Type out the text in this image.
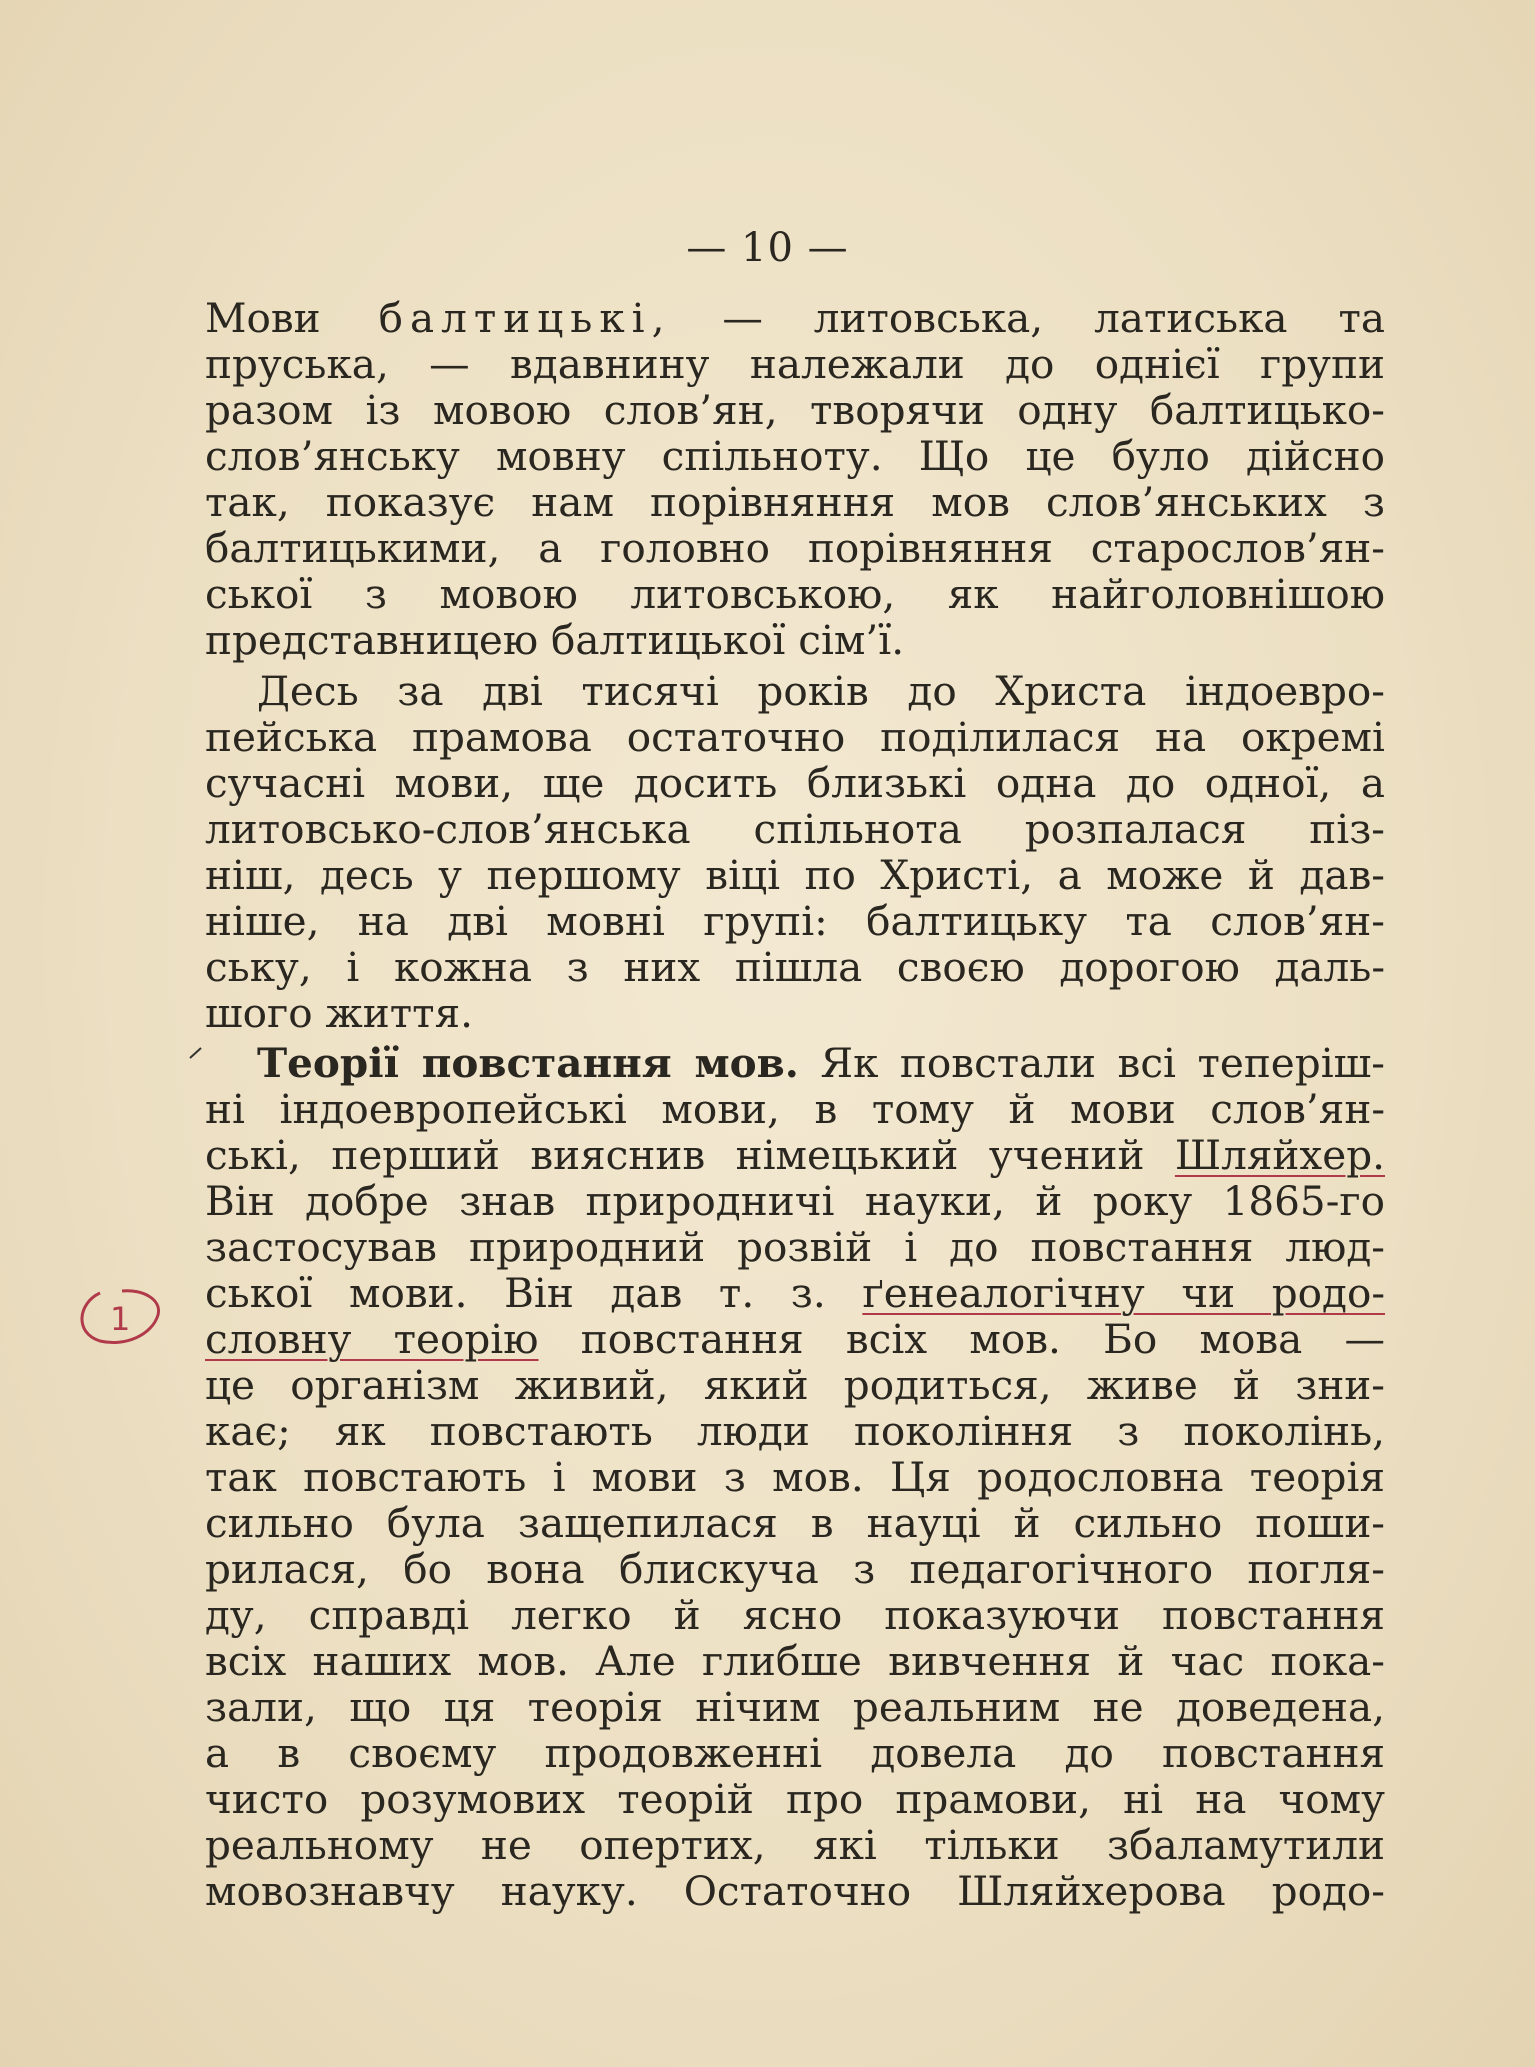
— 10 —
Мови балтицькі, — литовська, латиська та
пруська, — вдавнину належали до однієї групи
разом із мовою слов’ян, творячи одну балтицько-
слов’янську мовну спільноту. Що це було дійсно
так, показує нам порівняння мов слов’янських з
балтицькими, а головно порівняння старослов’ян-
ської з мовою литовською, як найголовнішою
представницею балтицької сім’ї.
Десь за дві тисячі років до Христа індоевро-
пейська прамова остаточно поділилася на окремі
сучасні мови, ще досить близькі одна до одної, а
литовсько-слов’янська спільнота розпалася піз-
ніш, десь у першому віці по Христі, а може й дав-
ніше, на дві мовні групі: балтицьку та слов’ян-
ську, і кожна з них пішла своєю дорогою даль-
шого життя.
Теорії повстання мов. Як повстали всі теперіш-
ні індоевропейські мови, в тому й мови слов’ян-
ські, перший вияснив німецький учений Шляйхер.
Він добре знав природничі науки, й року 1865-го
застосував природний розвій і до повстання люд-
ської мови. Він дав т. з. ґенеалогічну чи родо-
словну теорію повстання всіх мов. Бо мова —
це організм живий, який родиться, живе й зни-
кає; як повстають люди покоління з поколінь,
так повстають і мови з мов. Ця родословна теорія
сильно була защепилася в науці й сильно поши-
рилася, бо вона блискуча з педагогічного погля-
ду, справді легко й ясно показуючи повстання
всіх наших мов. Але глибше вивчення й час пока-
зали, що ця теорія нічим реальним не доведена,
а в своєму продовженні довела до повстання
чисто розумових теорій про прамови, ні на чому
реальному не опертих, які тільки збаламутили
мовознавчу науку. Остаточно Шляйхерова родо-
1
